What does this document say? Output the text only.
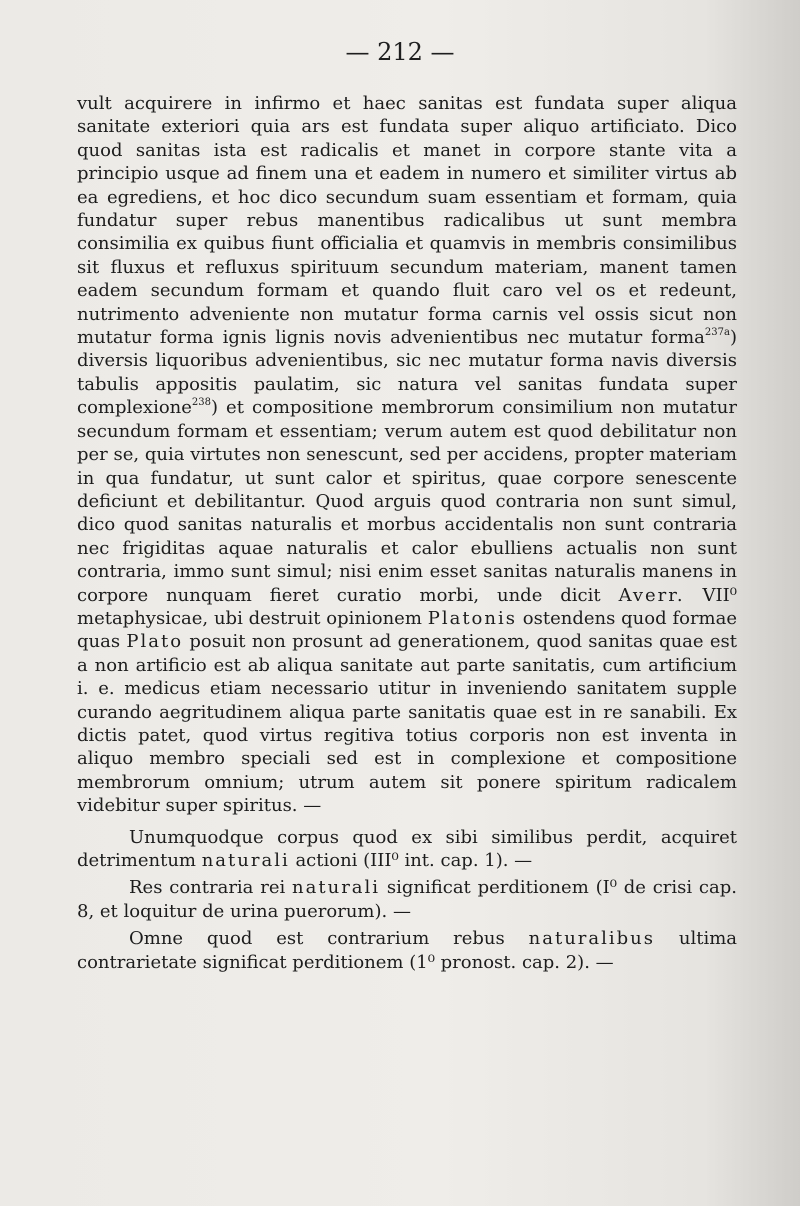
— 212 —

vult acquirere in infirmo et haec sanitas est fundata super aliqua sanitate exteriori quia ars est fundata super aliquo artificiato. Dico quod sanitas ista est radicalis et manet in corpore stante vita a principio usque ad finem una et eadem in numero et similiter virtus ab ea egrediens, et hoc dico secundum suam essentiam et formam, quia fundatur super rebus manentibus radicalibus ut sunt membra consimilia ex quibus fiunt officialia et quamvis in membris consimilibus sit fluxus et refluxus spirituum secundum materiam, manent tamen eadem secundum formam et quando fluit caro vel os et redeunt, nutrimento adveniente non mutatur forma carnis vel ossis sicut non mutatur forma ignis lignis novis advenientibus nec mutatur forma$^{237a}$) diversis liquoribus advenientibus, sic nec mutatur forma navis diversis tabulis appositis paulatim, sic natura vel sanitas fundata super complexione$^{238}$) et compositione membrorum consimilium non mutatur secundum formam et essentiam; verum autem est quod debilitatur non per se, quia virtutes non senescunt, sed per accidens, propter materiam in qua fundatur, ut sunt calor et spiritus, quae corpore senescente deficiunt et debilitantur. Quod arguis quod contraria non sunt simul, dico quod sanitas naturalis et morbus accidentalis non sunt contraria nec frigiditas aquae naturalis et calor ebulliens actualis non sunt contraria, immo sunt simul; nisi enim esset sanitas naturalis manens in corpore nunquam fieret curatio morbi, unde dicit Averr. VII⁰ metaphysicae, ubi destruit opinionem Platonis ostendens quod formae quas Plato posuit non prosunt ad generationem, quod sanitas quae est a non artificio est ab aliqua sanitate aut parte sanitatis, cum artificium i. e. medicus etiam necessario utitur in inveniendo sanitatem supple curando aegritudinem aliqua parte sanitatis quae est in re sanabili. Ex dictis patet, quod virtus regitiva totius corporis non est inventa in aliquo membro speciali sed est in complexione et compositione membrorum omnium; utrum autem sit ponere spiritum radicalem videbitur super spiritus. —

Unumquodque corpus quod ex sibi similibus perdit, acquiret detrimentum naturali actioni (III⁰ int. cap. 1). —

Res contraria rei naturali significat perditionem (I⁰ de crisi cap. 8, et loquitur de urina puerorum). —

Omne quod est contrarium rebus naturalibus ultima contrarietate significat perditionem (1⁰ pronost. cap. 2). —
